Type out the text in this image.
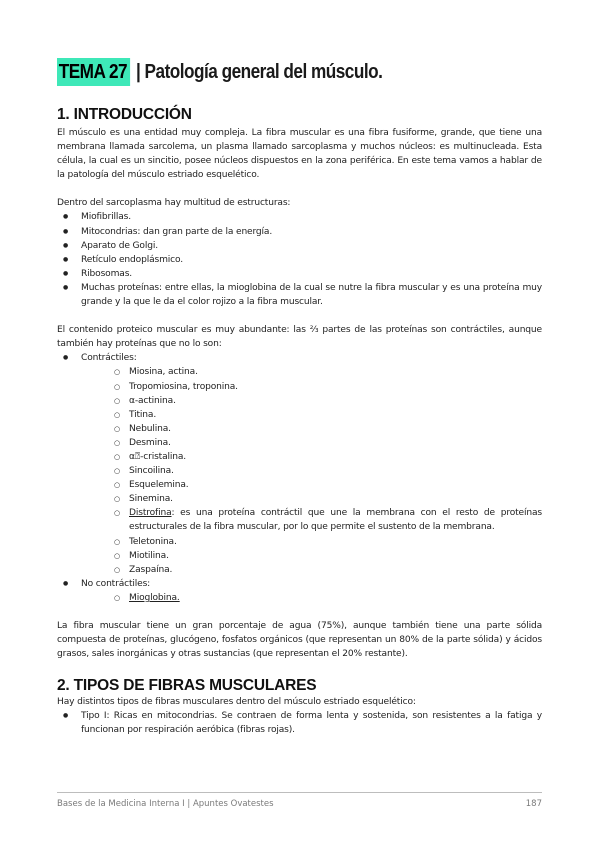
TEMA 27 | Patología general del músculo.
1. INTRODUCCIÓN

El músculo es una entidad muy compleja. La fibra muscular es una fibra fusiforme, grande, que tiene una membrana llamada sarcolema, un plasma llamado sarcoplasma y muchos núcleos: es multinucleada. Esta célula, la cual es un sincitio, posee núcleos dispuestos en la zona periférica. En este tema vamos a hablar de la patología del músculo estriado esquelético.

Dentro del sarcoplasma hay multitud de estructuras:
● Miofibrillas.
● Mitocondrias: dan gran parte de la energía.
● Aparato de Golgi.
● Retículo endoplásmico.
● Ribosomas.
● Muchas proteínas: entre ellas, la mioglobina de la cual se nutre la fibra muscular y es una proteína muy grande y la que le da el color rojizo a la fibra muscular.
El contenido proteico muscular es muy abundante: las ⅔ partes de las proteínas son contráctiles, aunque también hay proteínas que no lo son:
● Contráctiles:
○ Miosina, actina.
○ Tropomiosina, troponina.
○ α-actinina.
○ Titina.
○ Nebulina.
○ Desmina.
○ α⍰-cristalina.
○ Sincoilina.
○ Esquelemina.
○ Sinemina.
○ Distrofina: es una proteína contráctil que une la membrana con el resto de proteínas estructurales de la fibra muscular, por lo que permite el sustento de la membrana.
○ Teletonina.
○ Miotilina.
○ Zaspaína.
● No contráctiles:
○ Mioglobina.

La fibra muscular tiene un gran porcentaje de agua (75%), aunque también tiene una parte sólida compuesta de proteínas, glucógeno, fosfatos orgánicos (que representan un 80% de la parte sólida) y ácidos grasos, sales inorgánicas y otras sustancias (que representan el 20% restante).

2. TIPOS DE FIBRAS MUSCULARES
Hay distintos tipos de fibras musculares dentro del músculo estriado esquelético:
● Tipo I: Ricas en mitocondrias. Se contraen de forma lenta y sostenida, son resistentes a la fatiga y funcionan por respiración aeróbica (fibras rojas).
Bases de la Medicina Interna I | Apuntes Ovatestes	187
